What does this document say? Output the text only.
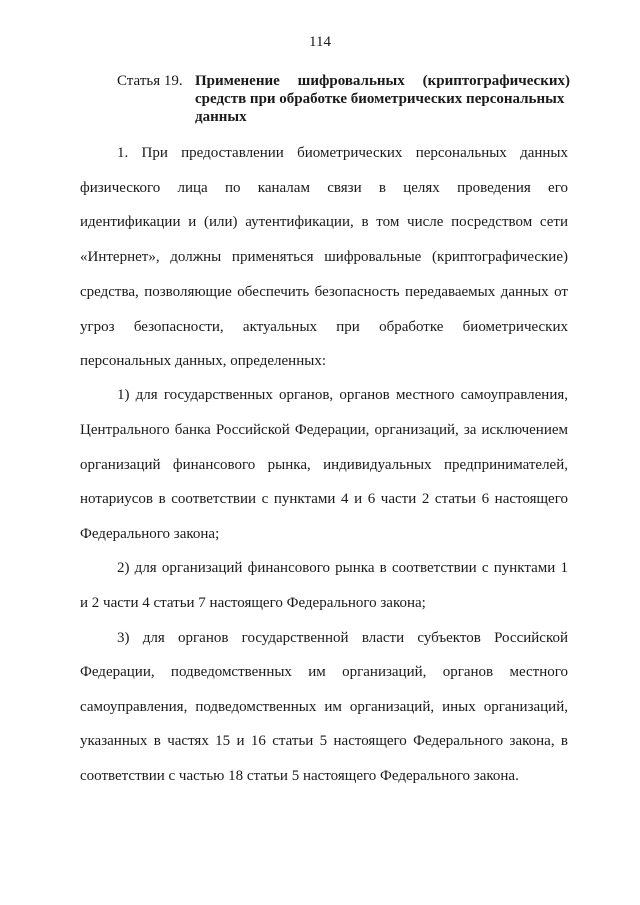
114
Статья 19. Применение шифровальных (криптографических)
средств при обработке биометрических персональных
данных
1. При предоставлении биометрических персональных данных
физического лица по каналам связи в целях проведения его
идентификации и (или) аутентификации, в том числе посредством сети
«Интернет», должны применяться шифровальные (криптографические)
средства, позволяющие обеспечить безопасность передаваемых данных от
угроз безопасности, актуальных при обработке биометрических
персональных данных, определенных:
1) для государственных органов, органов местного самоуправления,
Центрального банка Российской Федерации, организаций, за исключением
организаций финансового рынка, индивидуальных предпринимателей,
нотариусов в соответствии с пунктами 4 и 6 части 2 статьи 6 настоящего
Федерального закона;
2) для организаций финансового рынка в соответствии с пунктами 1
и 2 части 4 статьи 7 настоящего Федерального закона;
3) для органов государственной власти субъектов Российской
Федерации, подведомственных им организаций, органов местного
самоуправления, подведомственных им организаций, иных организаций,
указанных в частях 15 и 16 статьи 5 настоящего Федерального закона, в
соответствии с частью 18 статьи 5 настоящего Федерального закона.
